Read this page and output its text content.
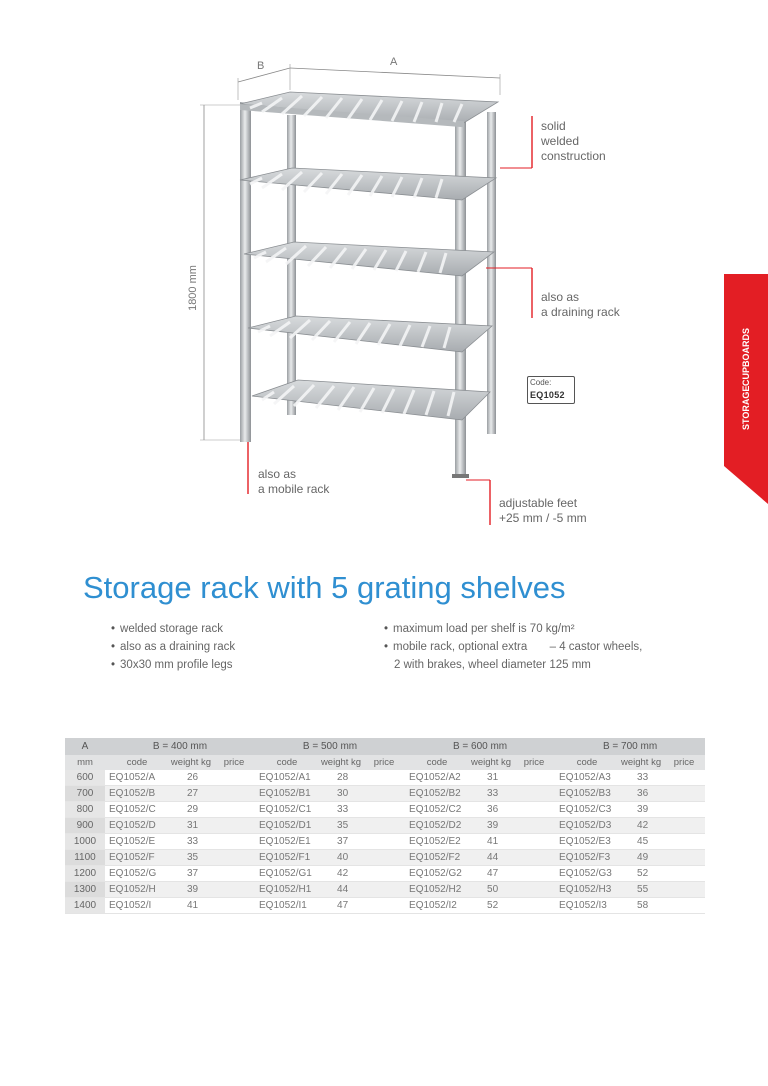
B	A
1800 mm
solid
welded
construction
also as
a draining rack
also as
a mobile rack
adjustable feet
+25 mm / -5 mm
Code:
EQ1052	STORAGE

CUPBOARDS
Storage rack with 5 grating shelves
• welded storage rack
• also as a draining rack
• 30x30 mm profile legs
• maximum load per shelf is 70 kg/m²
• mobile rack, optional extra       – 4 castor wheels,
2 with brakes, wheel diameter 125 mm
A	B = 400 mm			B = 500 mm			B = 600 mm			B = 700 mm		
mm	code	weight kg	price	code	weight kg	price	code	weight kg	price	code	weight kg	price
600	EQ1052/A	26		EQ1052/A1	28		EQ1052/A2	31		EQ1052/A3	33	
700	EQ1052/B	27		EQ1052/B1	30		EQ1052/B2	33		EQ1052/B3	36	
800	EQ1052/C	29		EQ1052/C1	33		EQ1052/C2	36		EQ1052/C3	39	
900	EQ1052/D	31		EQ1052/D1	35		EQ1052/D2	39		EQ1052/D3	42	
1000	EQ1052/E	33		EQ1052/E1	37		EQ1052/E2	41		EQ1052/E3	45	
1100	EQ1052/F	35		EQ1052/F1	40		EQ1052/F2	44		EQ1052/F3	49	
1200	EQ1052/G	37		EQ1052/G1	42		EQ1052/G2	47		EQ1052/G3	52	
1300	EQ1052/H	39		EQ1052/H1	44		EQ1052/H2	50		EQ1052/H3	55	
1400	EQ1052/I	41		EQ1052/I1	47		EQ1052/I2	52		EQ1052/I3	58	
